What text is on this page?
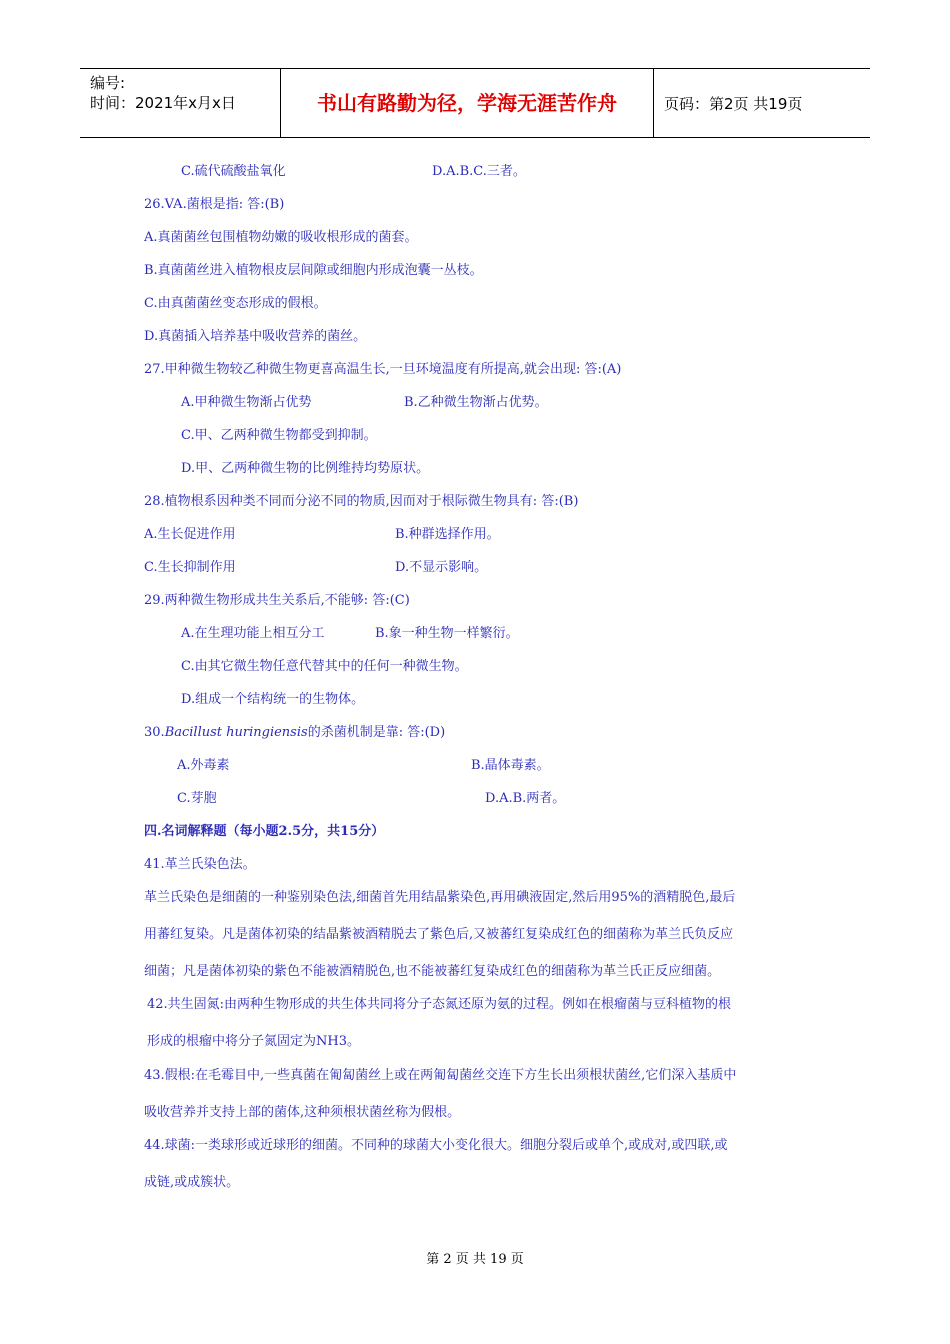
编号:
时间：2021年x月x日	书山有路勤为径，学海无涯苦作舟	页码：第2页 共19页
C.硫代硫酸盐氧化	D.A.B.C.三者。
26.VA.菌根是指: 答:(B)
A.真菌菌丝包围植物幼嫩的吸收根形成的菌套。
B.真菌菌丝进入植物根皮层间隙或细胞内形成泡囊一丛枝。
C.由真菌菌丝变态形成的假根。
D.真菌插入培养基中吸收营养的菌丝。
27.甲种微生物较乙种微生物更喜高温生长,一旦环境温度有所提高,就会出现: 答:(A)
A.甲种微生物渐占优势	B.乙种微生物渐占优势。
C.甲、乙两种微生物都受到抑制。
D.甲、乙两种微生物的比例维持均势原状。
28.植物根系因种类不同而分泌不同的物质,因而对于根际微生物具有: 答:(B)
A.生长促进作用	B.种群选择作用。
C.生长抑制作用	D.不显示影响。
29.两种微生物形成共生关系后,不能够: 答:(C)
A.在生理功能上相互分工	B.象一种生物一样繁衍。
C.由其它微生物任意代替其中的任何一种微生物。
D.组成一个结构统一的生物体。
30.Bacillust huringiensis的杀菌机制是靠: 答:(D)
A.外毒素	B.晶体毒素。
C.芽胞	D.A.B.两者。
四.名词解释题（每小题2.5分，共15分）
41.革兰氏染色法。
革兰氏染色是细菌的一种鉴别染色法,细菌首先用结晶紫染色,再用碘液固定,然后用95%的酒精脱色,最后
用蕃红复染。凡是菌体初染的结晶紫被酒精脱去了紫色后,又被蕃红复染成红色的细菌称为革兰氏负反应
细菌；凡是菌体初染的紫色不能被酒精脱色,也不能被蕃红复染成红色的细菌称为革兰氏正反应细菌。
42.共生固氮:由两种生物形成的共生体共同将分子态氮还原为氨的过程。例如在根瘤菌与豆科植物的根
形成的根瘤中将分子氮固定为NH3。
43.假根:在毛霉目中,一些真菌在匍匐菌丝上或在两匍匐菌丝交连下方生长出须根状菌丝,它们深入基质中
吸收营养并支持上部的菌体,这种须根状菌丝称为假根。
44.球菌:一类球形或近球形的细菌。不同种的球菌大小变化很大。细胞分裂后或单个,或成对,或四联,或
成链,或成簇状。
第 2 页 共 19 页
